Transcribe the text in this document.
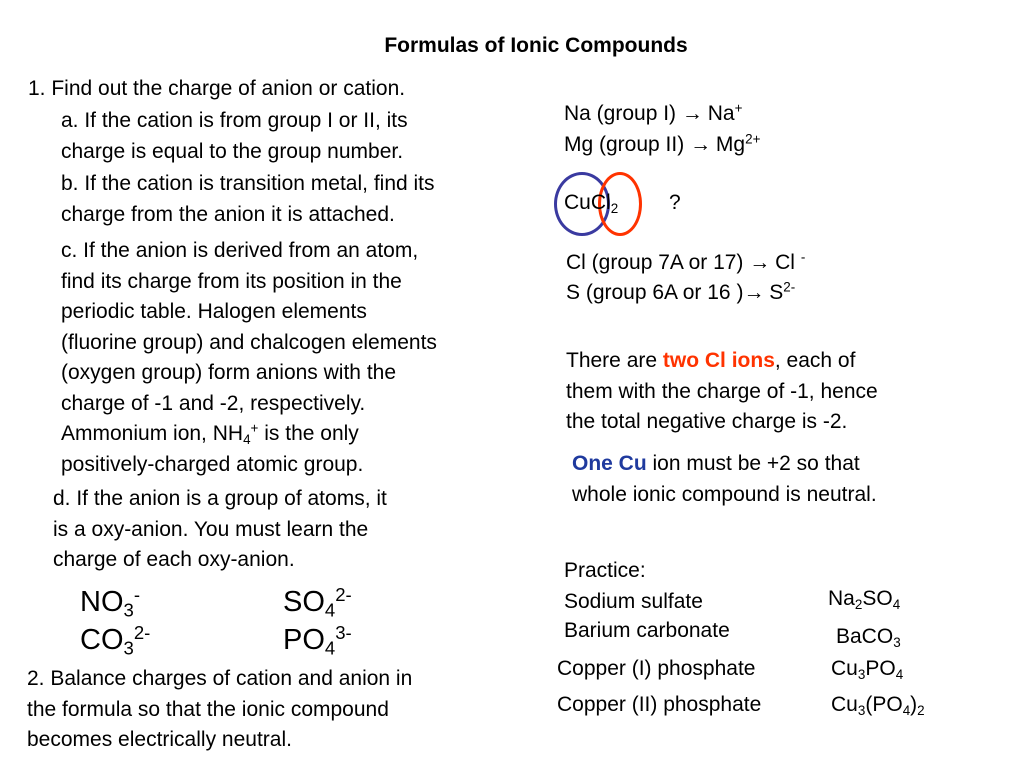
Formulas of Ionic Compounds
1. Find out the charge of anion or cation.
a. If the cation is from group I or II, its
charge is equal to the group number.
b. If the cation is transition metal, find its
charge from the anion it is attached.
c. If the anion is derived from an atom,
find its charge from its position in the
periodic table. Halogen elements
(fluorine group) and chalcogen elements
(oxygen group) form anions with the
charge of -1 and -2, respectively.
Ammonium ion, $NH_4^+$ is the only
positively-charged atomic group.
d. If the anion is a group of atoms, it
is a oxy-anion. You must learn the
charge of each oxy-anion.
$NO_3^-$	$SO_4^{2-}$
$CO_3^{2-}$	$PO_4^{3-}$
2. Balance charges of cation and anion in
the formula so that the ionic compound
becomes electrically neutral.
Na (group I) → Na+
Mg (group $II) \to Mg^{2+}$
CuCl$_2$ ?
Cl (group 7A or 17) → Cl -
S (group 6A or 16 )→ $S^{2-}$
There are two Cl ions, each of
them with the charge of -1, hence
the total negative charge is -2.
One Cu ion must be +2 so that
whole ionic compound is neutral.
Practice:
Sodium sulfate
Barium carbonate
Copper (I) phosphate
Copper (II) phosphate
$Na_2SO_4$
BaCO$_3$
$Cu_3PO_4$
$Cu_3(PO_4)_2$
